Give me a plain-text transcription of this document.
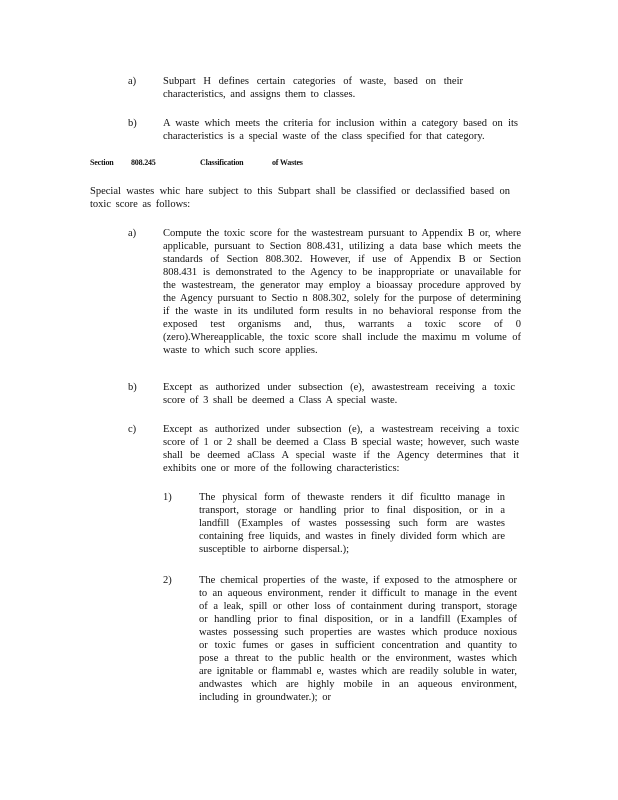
a)	Subpart H defines certain categories of waste, based on their characteristics, and assigns them to classes.
b)	A waste which meets the criteria for inclusion within a category based on its characteristics is a special waste of the class specified for that category.
Section 808.245	Classification	of Wastes
Special wastes whic hare subject to this Subpart shall be classified or declassified based on toxic score as follows:
a)	Compute the toxic score for the wastestream pursuant to Appendix B or, where applicable, pursuant to Section 808.431, utilizing a data base which meets the standards of Section 808.302. However, if use of Appendix B or Section 808.431 is demonstrated to the Agency to be inappropriate or unavailable for the wastestream, the generator may employ a bioassay procedure approved by the Agency pursuant to Sectio n 808.302, solely for the purpose of determining if the waste in its undiluted form results in no behavioral response from the exposed test organisms and, thus, warrants a toxic score of 0 (zero).Whereapplicable, the toxic score shall include the maximu m volume of waste to which such score applies.
b)	Except as authorized under subsection (e), awastestream receiving a toxic score of 3 shall be deemed a Class A special waste.
c)	Except as authorized under subsection (e), a wastestream receiving a toxic score of 1 or 2 shall be deemed a Class B special waste; however, such waste shall be deemed aClass A special waste if the Agency determines that it exhibits one or more of the following characteristics:
1)	The physical form of thewaste renders it dif ficultto manage in transport, storage or handling prior to final disposition, or in a landfill (Examples of wastes possessing such form are wastes containing free liquids, and wastes in finely divided form which are susceptible to airborne dispersal.);
2)	The chemical properties of the waste, if exposed to the atmosphere or to an aqueous environment, render it difficult to manage in the event of a leak, spill or other loss of containment during transport, storage or handling prior to final disposition, or in a landfill (Examples of wastes possessing such properties are wastes which produce noxious or toxic fumes or gases in sufficient concentration and quantity to pose a threat to the public health or the environment, wastes which are ignitable or flammabl e, wastes which are readily soluble in water, andwastes which are highly mobile in an aqueous environment, including in groundwater.); or
